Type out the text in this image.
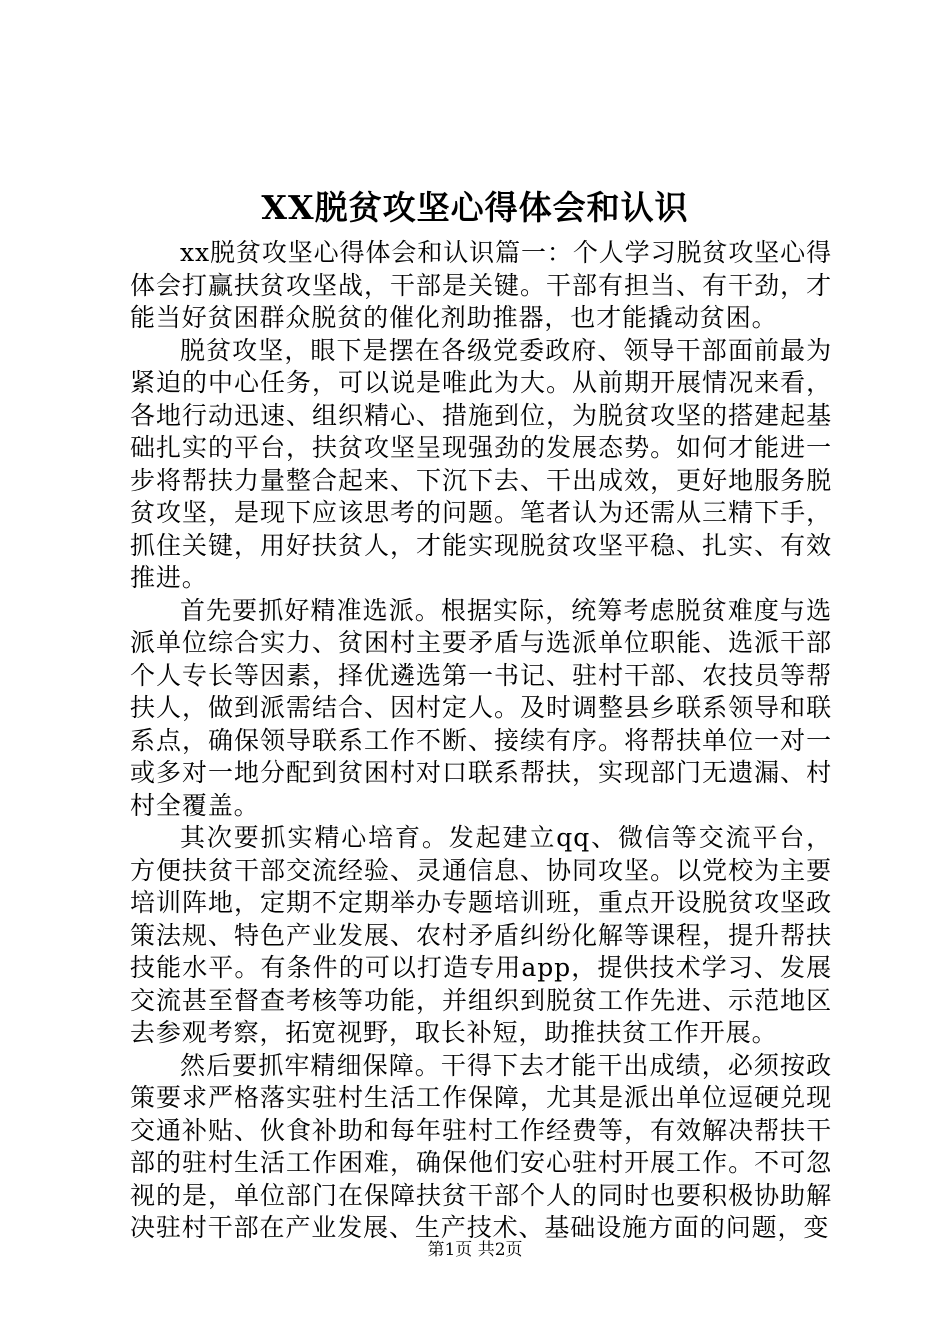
XX脱贫攻坚心得体会和认识

xx脱贫攻坚心得体会和认识篇一：个人学习脱贫攻坚心得体会打赢扶贫攻坚战，干部是关键。干部有担当、有干劲，才能当好贫困群众脱贫的催化剂助推器，也才能撬动贫困。

脱贫攻坚，眼下是摆在各级党委政府、领导干部面前最为紧迫的中心任务，可以说是唯此为大。从前期开展情况来看，各地行动迅速、组织精心、措施到位，为脱贫攻坚的搭建起基础扎实的平台，扶贫攻坚呈现强劲的发展态势。如何才能进一步将帮扶力量整合起来、下沉下去、干出成效，更好地服务脱贫攻坚，是现下应该思考的问题。笔者认为还需从三精下手，抓住关键，用好扶贫人，才能实现脱贫攻坚平稳、扎实、有效推进。

首先要抓好精准选派。根据实际，统筹考虑脱贫难度与选派单位综合实力、贫困村主要矛盾与选派单位职能、选派干部个人专长等因素，择优遴选第一书记、驻村干部、农技员等帮扶人，做到派需结合、因村定人。及时调整县乡联系领导和联系点，确保领导联系工作不断、接续有序。将帮扶单位一对一或多对一地分配到贫困村对口联系帮扶，实现部门无遗漏、村村全覆盖。

其次要抓实精心培育。发起建立qq、微信等交流平台，方便扶贫干部交流经验、灵通信息、协同攻坚。以党校为主要培训阵地，定期不定期举办专题培训班，重点开设脱贫攻坚政策法规、特色产业发展、农村矛盾纠纷化解等课程，提升帮扶技能水平。有条件的可以打造专用app，提供技术学习、发展交流甚至督查考核等功能，并组织到脱贫工作先进、示范地区去参观考察，拓宽视野，取长补短，助推扶贫工作开展。

然后要抓牢精细保障。干得下去才能干出成绩，必须按政策要求严格落实驻村生活工作保障，尤其是派出单位逗硬兑现交通补贴、伙食补助和每年驻村工作经费等，有效解决帮扶干部的驻村生活工作困难，确保他们安心驻村开展工作。不可忽视的是，单位部门在保障扶贫干部个人的同时也要积极协助解决驻村干部在产业发展、生产技术、基础设施方面的问题，变

第1页 共2页
